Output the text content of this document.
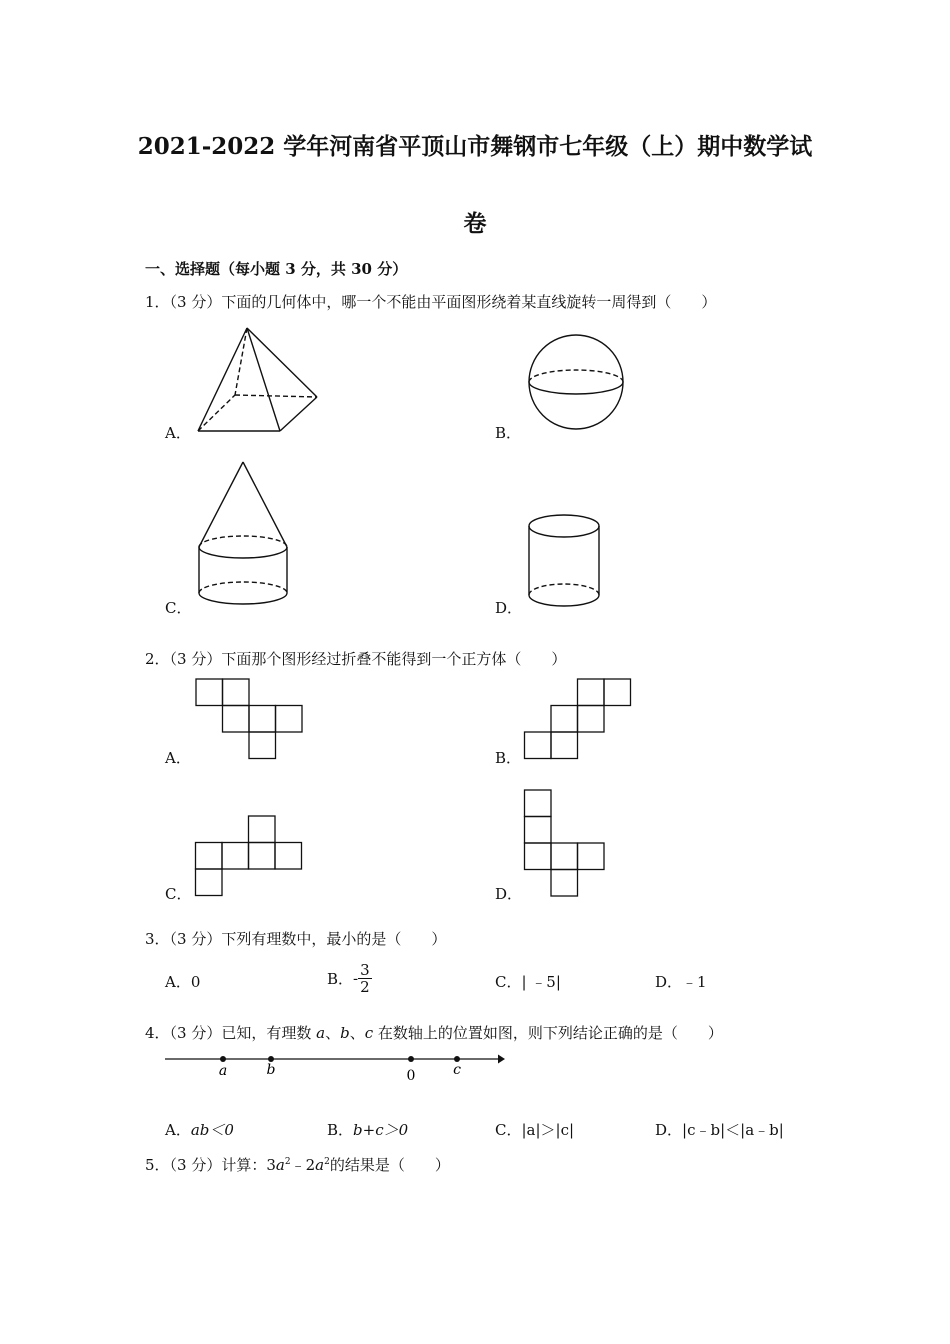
2021-2022 学年河南省平顶山市舞钢市七年级（上）期中数学试
卷
一、选择题（每小题 3 分，共 30 分）
1．（3 分）下面的几何体中，哪一个不能由平面图形绕着某直线旋转一周得到（　　）
A．	B．
C．	D．
2．（3 分）下面那个图形经过折叠不能得到一个正方体（　　）
A．	B．
C．	D．
3．（3 分）下列有理数中，最小的是（　　）
A．0	B．- $\frac{3}{2}$	C．| ﹣5|	D．﹣1
4．（3 分）已知，有理数 a、b、c 在数轴上的位置如图，则下列结论正确的是（　　）
a	b	0	c
A．ab＜0	B．b+c＞0	C．|a|＞|c|	D．|c﹣b|＜|a﹣b|
5．（3 分）计算：$3a^2﹣2a^2$的结果是（　　）
